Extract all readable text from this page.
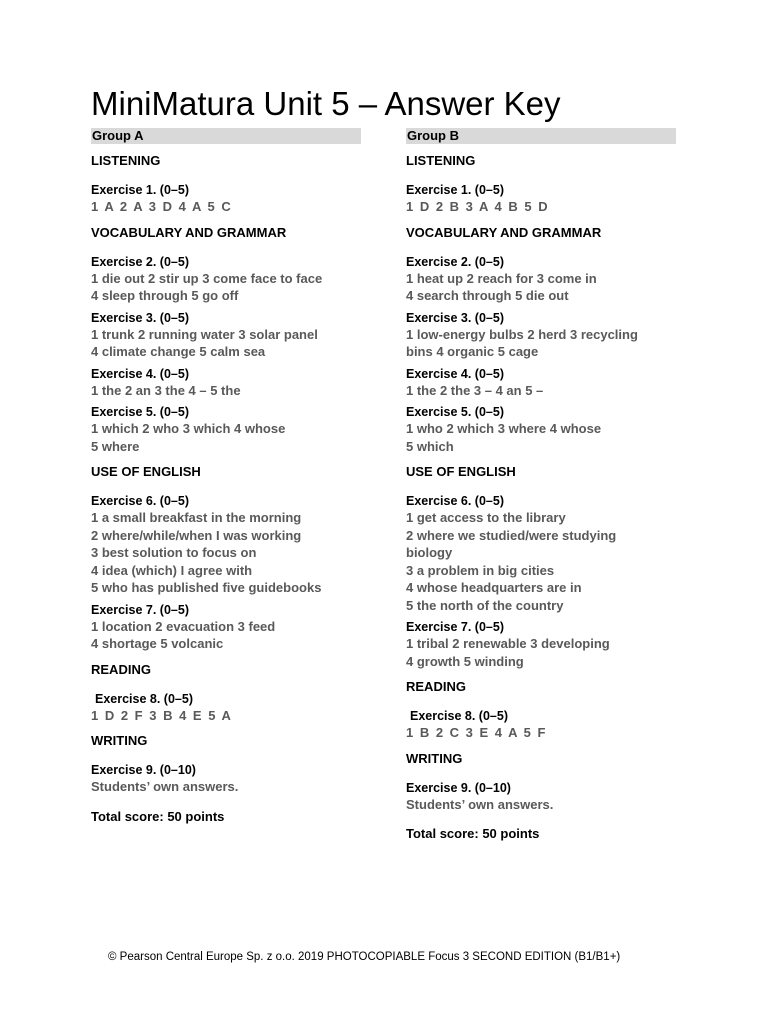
MiniMatura Unit 5 – Answer Key
Group A
LISTENING
Exercise 1. (0–5)
1 A 2 A 3 D 4 A 5 C
VOCABULARY AND GRAMMAR
Exercise 2. (0–5)
1 die out 2 stir up 3 come face to face
4 sleep through 5 go off
Exercise 3. (0–5)
1 trunk 2 running water 3 solar panel
4 climate change 5 calm sea
Exercise 4. (0–5)
1 the 2 an 3 the 4 – 5 the
Exercise 5. (0–5)
1 which 2 who 3 which 4 whose
5 where
USE OF ENGLISH
Exercise 6. (0–5)
1 a small breakfast in the morning
2 where/while/when I was working
3 best solution to focus on
4 idea (which) I agree with
5 who has published five guidebooks
Exercise 7. (0–5)
1 location 2 evacuation 3 feed
4 shortage 5 volcanic
READING
Exercise 8. (0–5)
1 D 2 F 3 B 4 E 5 A
WRITING
Exercise 9. (0–10)
Students’ own answers.
Total score: 50 points
Group B
LISTENING
Exercise 1. (0–5)
1 D 2 B 3 A 4 B 5 D
VOCABULARY AND GRAMMAR
Exercise 2. (0–5)
1 heat up 2 reach for 3 come in
4 search through 5 die out
Exercise 3. (0–5)
1 low-energy bulbs 2 herd 3 recycling
bins 4 organic 5 cage
Exercise 4. (0–5)
1 the 2 the 3 – 4 an 5 –
Exercise 5. (0–5)
1 who 2 which 3 where 4 whose
5 which
USE OF ENGLISH
Exercise 6. (0–5)
1 get access to the library
2 where we studied/were studying
biology
3 a problem in big cities
4 whose headquarters are in
5 the north of the country
Exercise 7. (0–5)
1 tribal 2 renewable 3 developing
4 growth 5 winding
READING
Exercise 8. (0–5)
1 B 2 C 3 E 4 A 5 F
WRITING
Exercise 9. (0–10)
Students’ own answers.
Total score: 50 points
© Pearson Central Europe Sp. z o.o. 2019 PHOTOCOPIABLE Focus 3 SECOND EDITION (B1/B1+)
